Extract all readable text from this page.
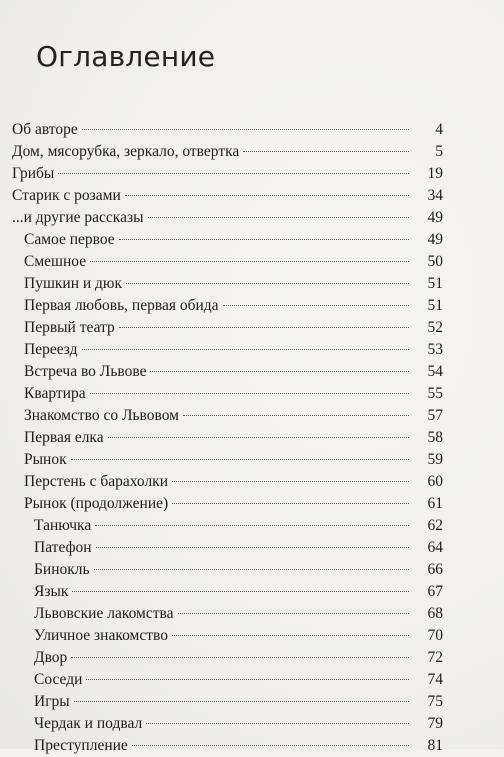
Оглавление
Об авторе	4
Дом, мясорубка, зеркало, отвертка	5
Грибы	19
Старик с розами	34
...и другие рассказы	49
Самое первое	49
Смешное	50
Пушкин и дюк	51
Первая любовь, первая обида	51
Первый театр	52
Переезд	53
Встреча во Львове	54
Квартира	55
Знакомство со Львовом	57
Первая елка	58
Рынок	59
Перстень с барахолки	60
Рынок (продолжение)	61
Танючка	62
Патефон	64
Бинокль	66
Язык	67
Львовские лакомства	68
Уличное знакомство	70
Двор	72
Соседи	74
Игры	75
Чердак и подвал	79
Преступление	81
